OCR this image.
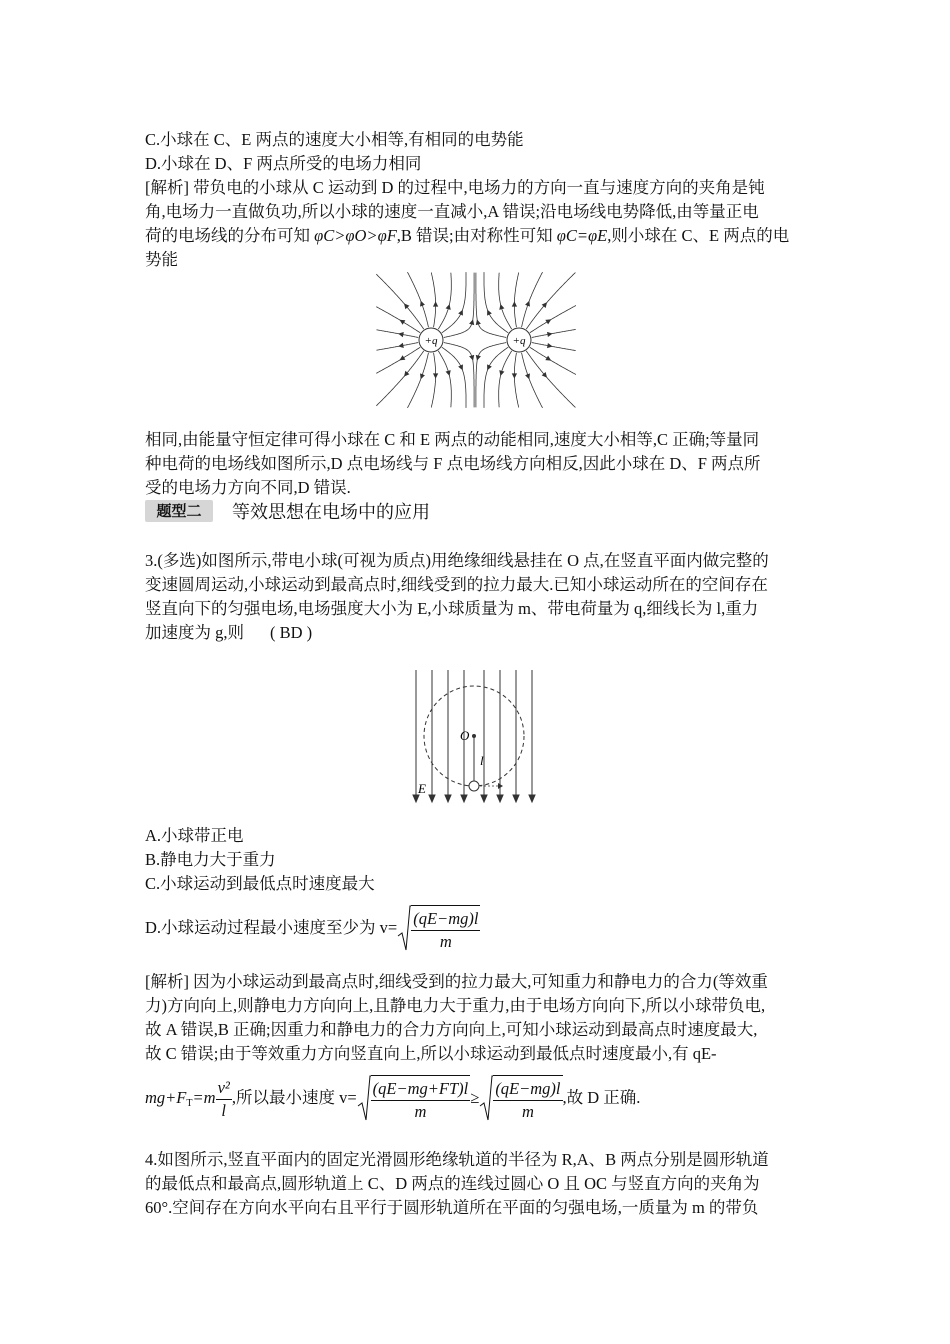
C.小球在 C、E 两点的速度大小相等,有相同的电势能
D.小球在 D、F 两点所受的电场力相同
[解析] 带负电的小球从 C 运动到 D 的过程中,电场力的方向一直与速度方向的夹角是钝
角,电场力一直做负功,所以小球的速度一直减小,A 错误;沿电场线电势降低,由等量正电
荷的电场线的分布可知 φC>φO>φF,B 错误;由对称性可知 φC=φE,则小球在 C、E 两点的电
势能
+q	+q
相同,由能量守恒定律可得小球在 C 和 E 两点的动能相同,速度大小相等,C 正确;等量同
种电荷的电场线如图所示,D 点电场线与 F 点电场线方向相反,因此小球在 D、F 两点所
受的电场力方向不同,D 错误.
题型二	等效思想在电场中的应用
3.(多选)如图所示,带电小球(可视为质点)用绝缘细线悬挂在 O 点,在竖直平面内做完整的
变速圆周运动,小球运动到最高点时,细线受到的拉力最大.已知小球运动所在的空间存在
竖直向下的匀强电场,电场强度大小为 E,小球质量为 m、带电荷量为 q,细线长为 l,重力
加速度为 g,则 ( BD )
O
l
E
A.小球带正电
B.静电力大于重力
C.小球运动到最低点时速度最大
D.小球运动过程最小速度至少为 $v= \frac{(qE-mg)l}{m}$
[解析] 因为小球运动到最高点时,细线受到的拉力最大,可知重力和静电力的合力(等效重
力)方向向上,则静电力方向向上,且静电力大于重力,由于电场方向向下,所以小球带负电,
故 A 错误,B 正确;因重力和静电力的合力方向向上,可知小球运动到最高点时速度最大,
故 C 错误;由于等效重力方向竖直向上,所以小球运动到最低点时速度最小,有 qE-
$mg+F_T=m \frac{\text{v²}}{l}$ ,所以最小速度 $v= \frac{(qE-mg+FT)l}{m} \ge \frac{(qE-mg)l}{m}$ ,故 D 正确.
4.如图所示,竖直平面内的固定光滑圆形绝缘轨道的半径为 R,A、B 两点分别是圆形轨道
的最低点和最高点,圆形轨道上 C、D 两点的连线过圆心 O 且 OC 与竖直方向的夹角为
60°.空间存在方向水平向右且平行于圆形轨道所在平面的匀强电场,一质量为 m 的带负
